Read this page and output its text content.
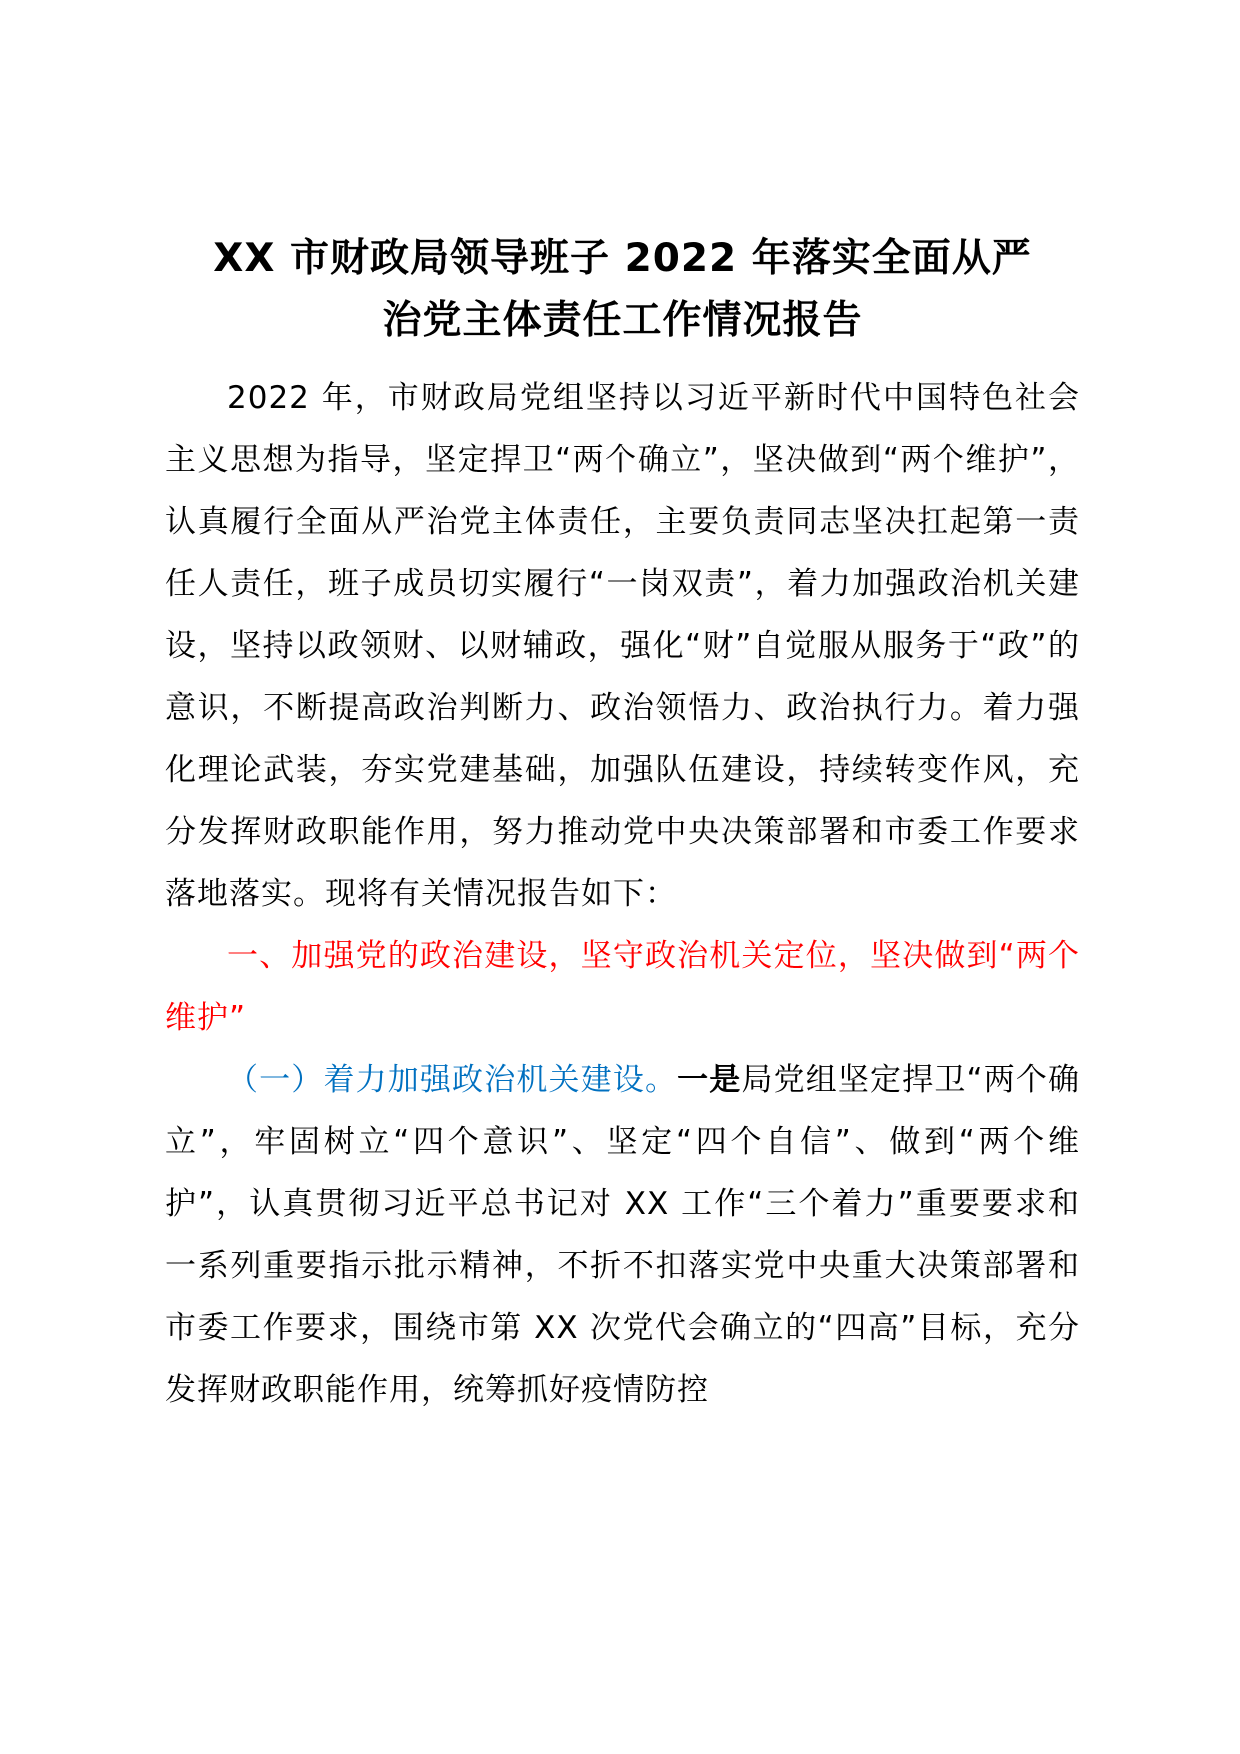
XX 市财政局领导班子 2022 年落实全面从严
治党主体责任工作情况报告

2022 年，市财政局党组坚持以习近平新时代中国特色社会主义思想为指导，坚定捍卫“两个确立”，坚决做到“两个维护”，认真履行全面从严治党主体责任，主要负责同志坚决扛起第一责任人责任，班子成员切实履行“一岗双责”，着力加强政治机关建设，坚持以政领财、以财辅政，强化“财”自觉服从服务于“政”的意识，不断提高政治判断力、政治领悟力、政治执行力。着力强化理论武装，夯实党建基础，加强队伍建设，持续转变作风，充分发挥财政职能作用，努力推动党中央决策部署和市委工作要求落地落实。现将有关情况报告如下：

一、加强党的政治建设，坚守政治机关定位，坚决做到“两个维护”

（一）着力加强政治机关建设。一是局党组坚定捍卫“两个确立”，牢固树立“四个意识”、坚定“四个自信”、做到“两个维护”，认真贯彻习近平总书记对 XX 工作“三个着力”重要要求和一系列重要指示批示精神，不折不扣落实党中央重大决策部署和市委工作要求，围绕市第 XX 次党代会确立的“四高”目标，充分发挥财政职能作用，统筹抓好疫情防控
